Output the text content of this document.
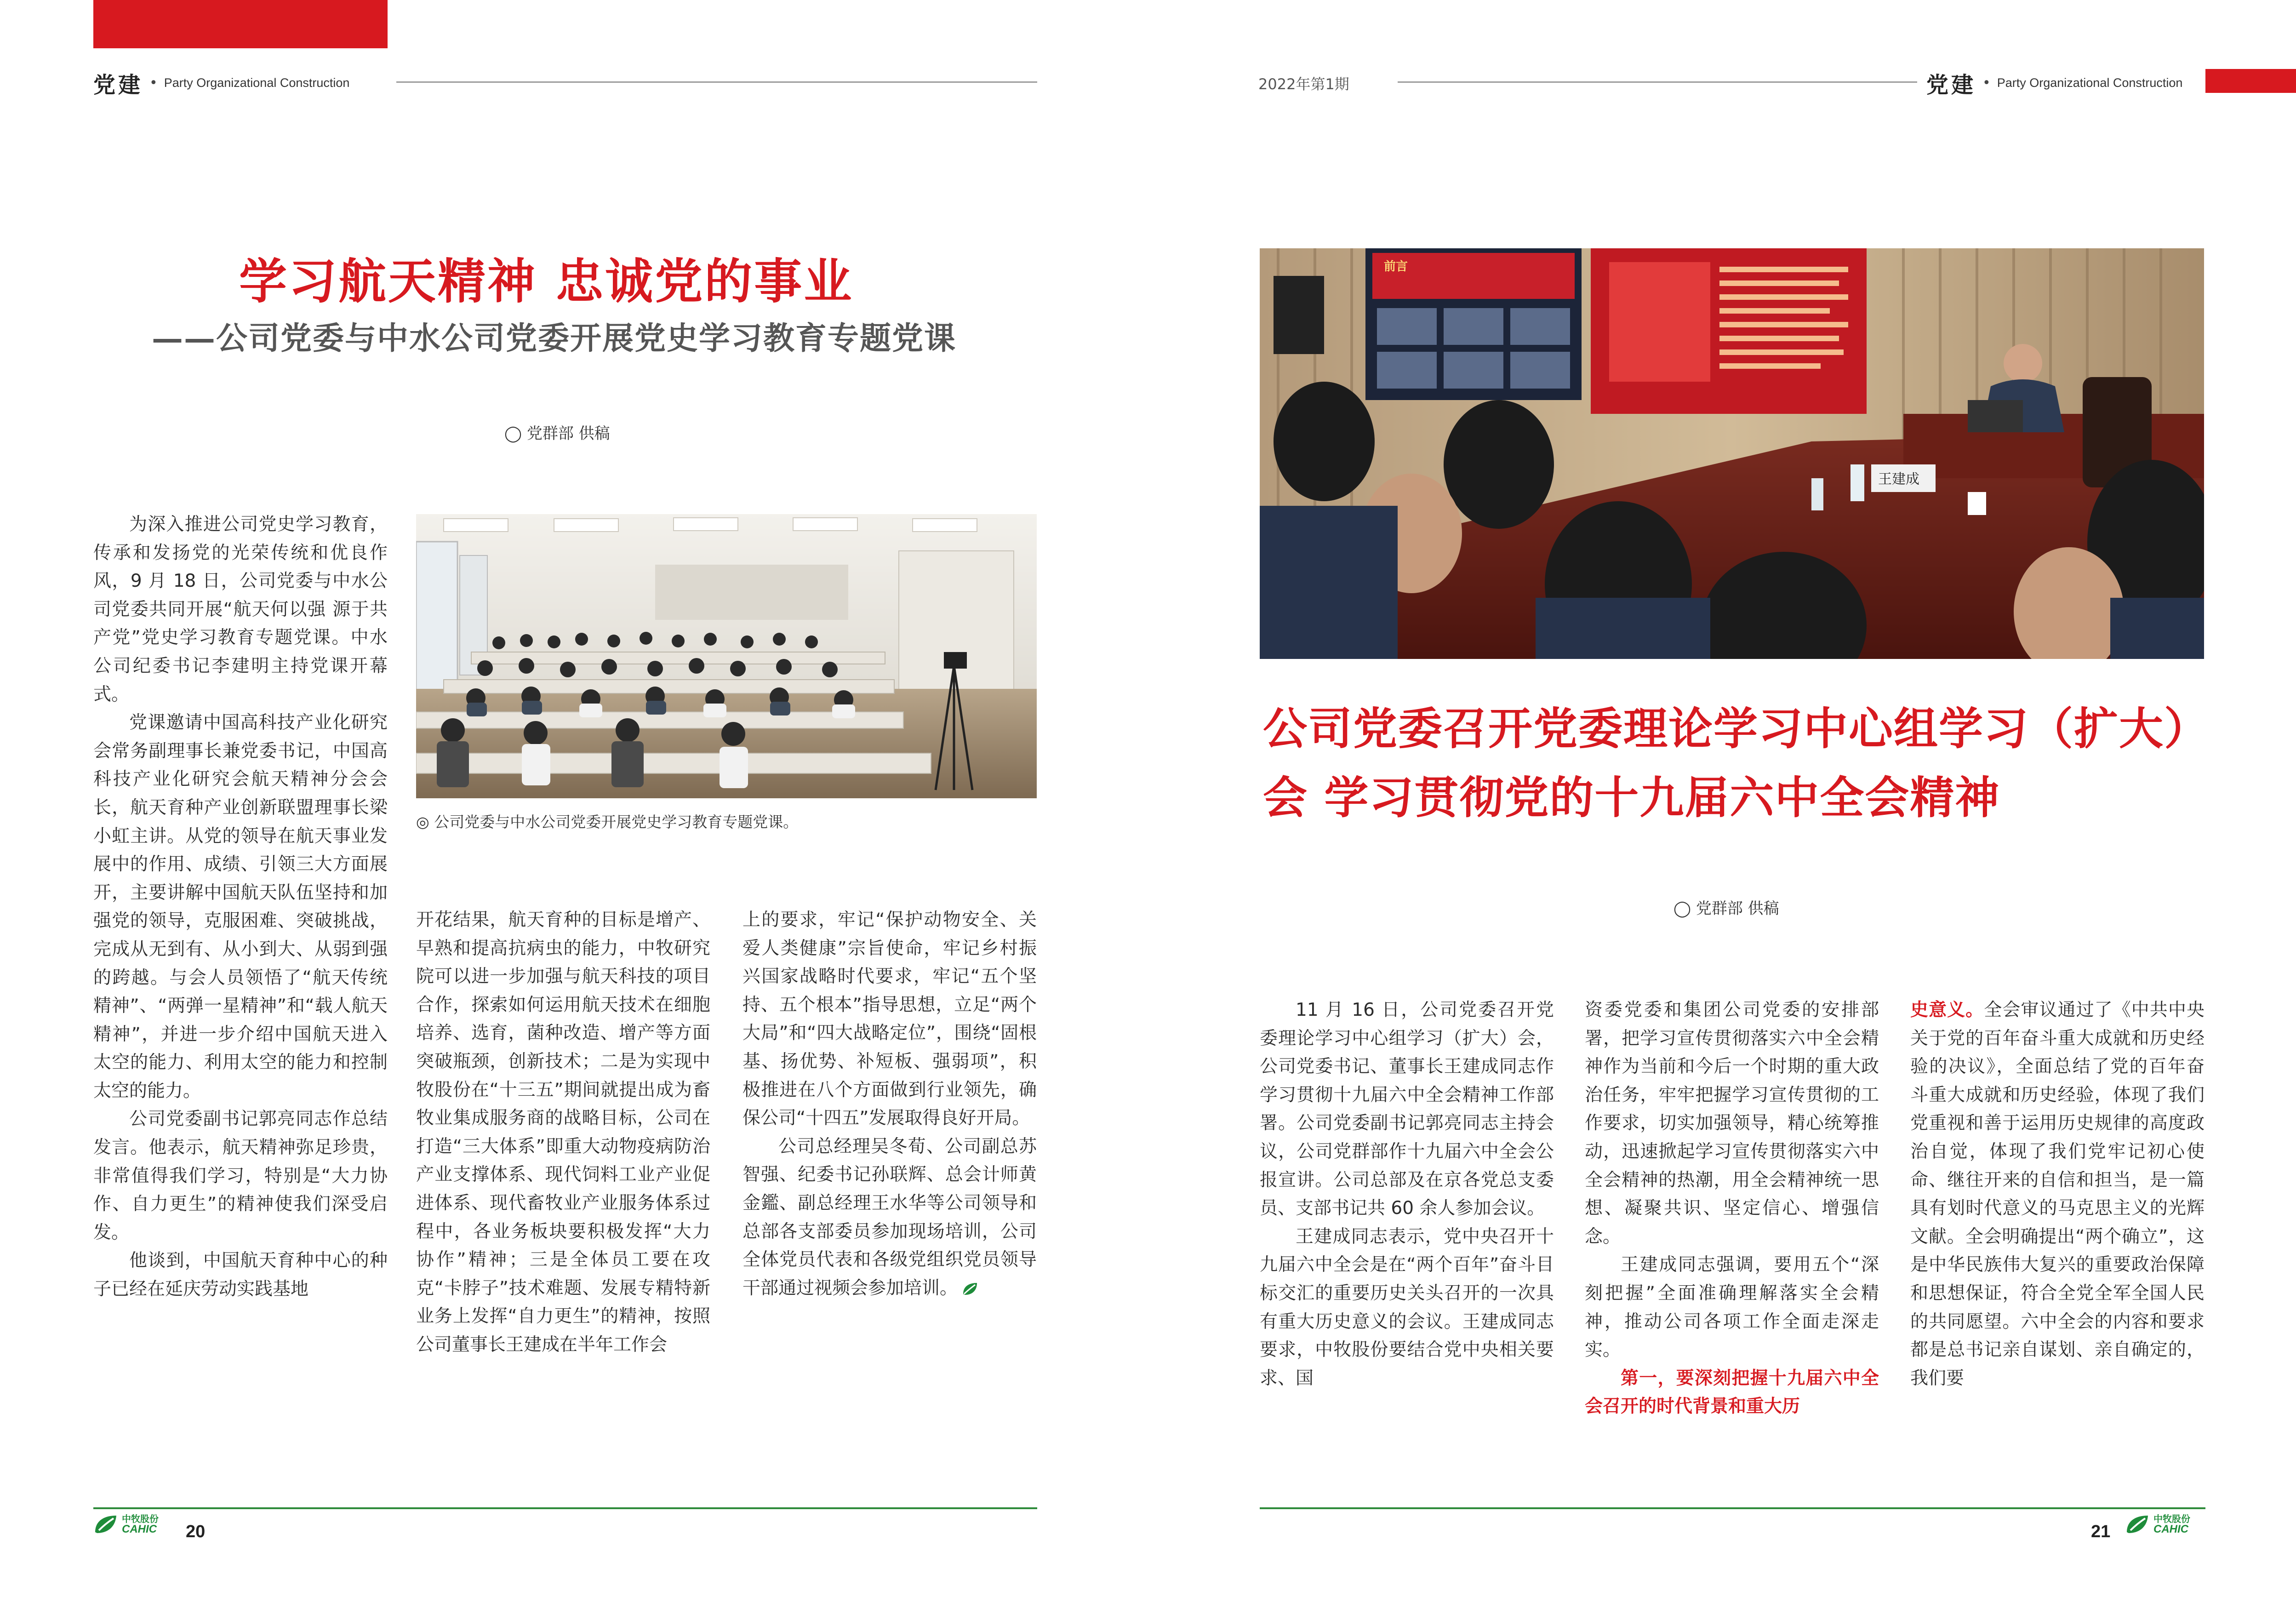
党建 • Party Organizational Construction	2022年第1期	党建 • Party Organizational Construction
学习航天精神 忠诚党的事业
——公司党委与中水公司党委开展党史学习教育专题党课
◯ 党群部 供稿
◎ 公司党委与中水公司党委开展党史学习教育专题党课。

为深入推进公司党史学习教育，传承和发扬党的光荣传统和优良作风，9 月 18 日，公司党委与中水公司党委共同开展“航天何以强 源于共产党”党史学习教育专题党课。中水公司纪委书记李建明主持党课开幕式。

党课邀请中国高科技产业化研究会常务副理事长兼党委书记，中国高科技产业化研究会航天精神分会会长，航天育种产业创新联盟理事长梁小虹主讲。从党的领导在航天事业发展中的作用、成绩、引领三大方面展开，主要讲解中国航天队伍坚持和加强党的领导，克服困难、突破挑战，完成从无到有、从小到大、从弱到强的跨越。与会人员领悟了“航天传统精神”、“两弹一星精神”和“载人航天精神”，并进一步介绍中国航天进入太空的能力、利用太空的能力和控制太空的能力。

公司党委副书记郭亮同志作总结发言。他表示，航天精神弥足珍贵，非常值得我们学习，特别是“大力协作、自力更生”的精神使我们深受启发。

他谈到，中国航天育种中心的种子已经在延庆劳动实践基地

开花结果，航天育种的目标是增产、早熟和提高抗病虫的能力，中牧研究院可以进一步加强与航天科技的项目合作，探索如何运用航天技术在细胞培养、选育，菌种改造、增产等方面突破瓶颈，创新技术；二是为实现中牧股份在“十三五”期间就提出成为畜牧业集成服务商的战略目标，公司在打造“三大体系”即重大动物疫病防治产业支撑体系、现代饲料工业产业促进体系、现代畜牧业产业服务体系过程中，各业务板块要积极发挥“大力协作”精神；三是全体员工要在攻克“卡脖子”技术难题、发展专精特新业务上发挥“自力更生”的精神，按照公司董事长王建成在半年工作会

上的要求，牢记“保护动物安全、关爱人类健康”宗旨使命，牢记乡村振兴国家战略时代要求，牢记“五个坚持、五个根本”指导思想，立足“两个大局”和“四大战略定位”，围绕“固根基、扬优势、补短板、强弱项”，积极推进在八个方面做到行业领先，确保公司“十四五”发展取得良好开局。

公司总经理吴冬荀、公司副总苏智强、纪委书记孙联辉、总会计师黄金鑑、副总经理王水华等公司领导和总部各支部委员参加现场培训，公司全体党员代表和各级党组织党员领导干部通过视频会参加培训。

前言
王建成
公司党委召开党委理论学习中心组学习（扩大）会 学习贯彻党的十九届六中全会精神
◯ 党群部 供稿

11 月 16 日，公司党委召开党委理论学习中心组学习（扩大）会，公司党委书记、董事长王建成同志作学习贯彻十九届六中全会精神工作部署。公司党委副书记郭亮同志主持会议，公司党群部作十九届六中全会公报宣讲。公司总部及在京各党总支委员、支部书记共 60 余人参加会议。

王建成同志表示，党中央召开十九届六中全会是在“两个百年”奋斗目标交汇的重要历史关头召开的一次具有重大历史意义的会议。王建成同志要求，中牧股份要结合党中央相关要求、国

资委党委和集团公司党委的安排部署，把学习宣传贯彻落实六中全会精神作为当前和今后一个时期的重大政治任务，牢牢把握学习宣传贯彻的工作要求，切实加强领导，精心统筹推动，迅速掀起学习宣传贯彻落实六中全会精神的热潮，用全会精神统一思想、凝聚共识、坚定信心、增强信念。

王建成同志强调，要用五个“深刻把握”全面准确理解落实全会精神，推动公司各项工作全面走深走实。

第一，要深刻把握十九届六中全会召开的时代背景和重大历

史意义。全会审议通过了《中共中央关于党的百年奋斗重大成就和历史经验的决议》，全面总结了党的百年奋斗重大成就和历史经验，体现了我们党重视和善于运用历史规律的高度政治自觉，体现了我们党牢记初心使命、继往开来的自信和担当，是一篇具有划时代意义的马克思主义的光辉文献。全会明确提出“两个确立”，这是中华民族伟大复兴的重要政治保障和思想保证，符合全党全军全国人民的共同愿望。六中全会的内容和要求都是总书记亲自谋划、亲自确定的，我们要

中牧股份
CAHIC 20	21
中牧股份
CAHIC
